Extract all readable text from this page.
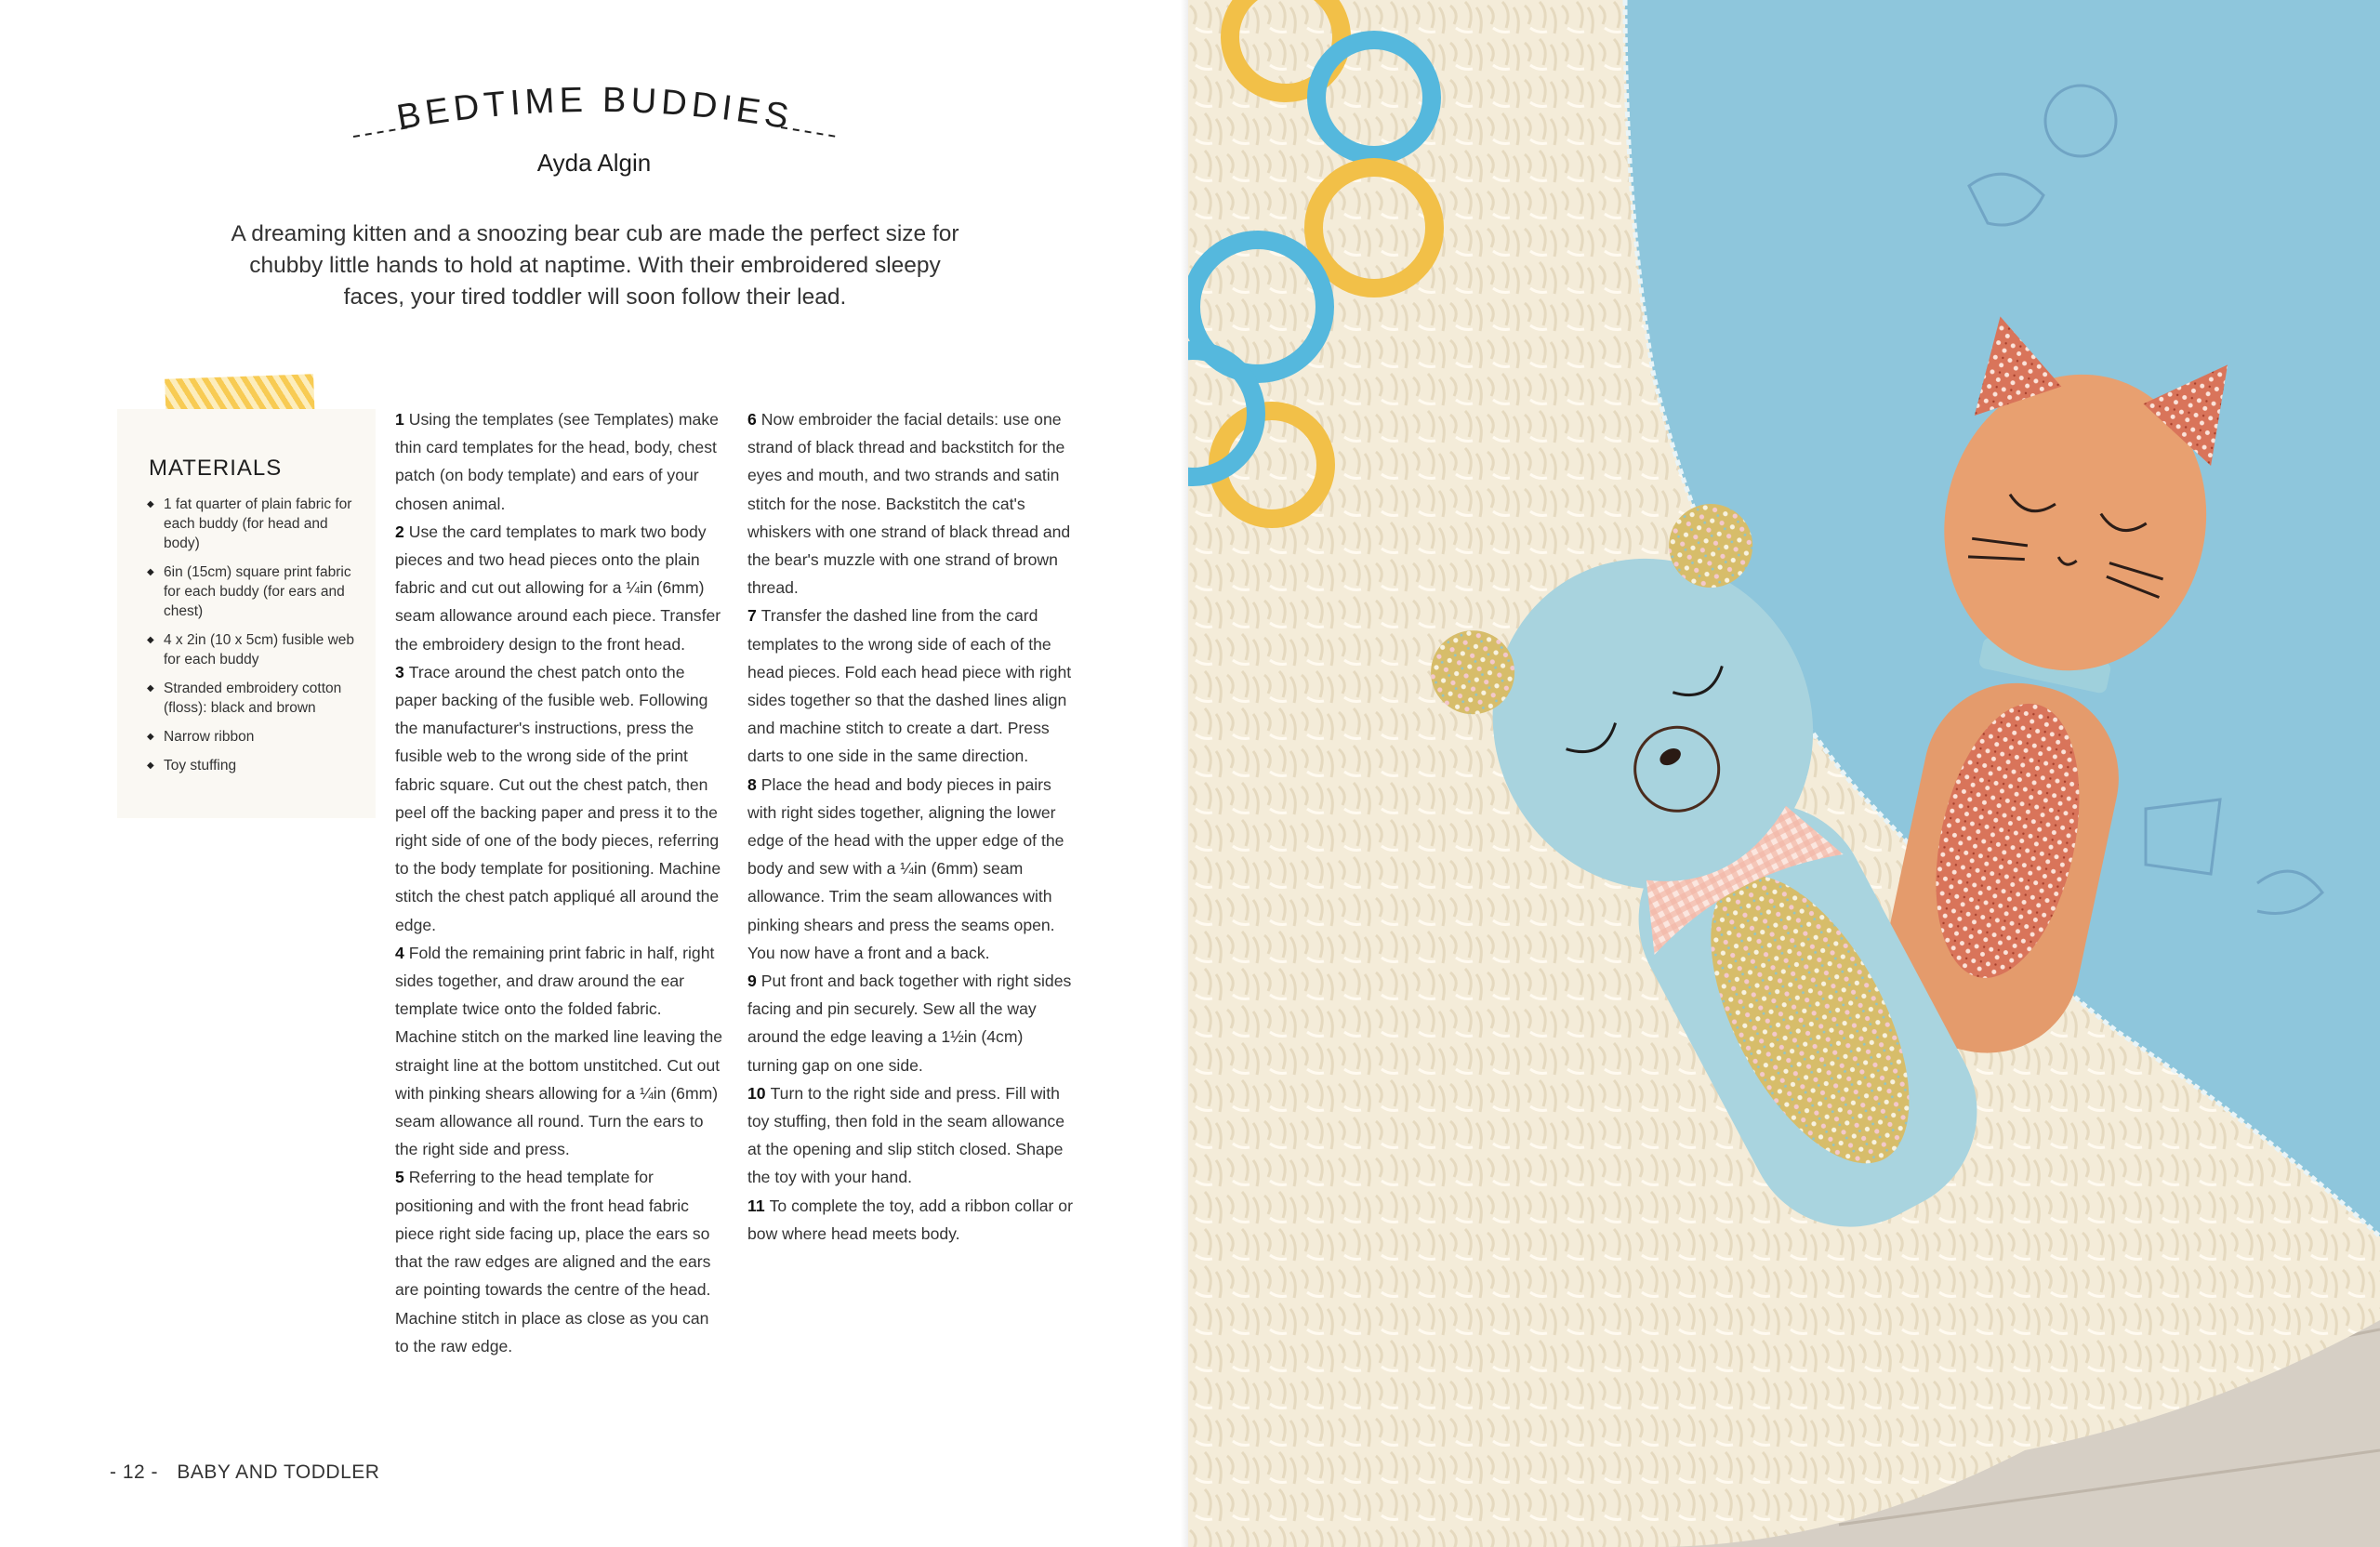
BEDTIME BUDDIES
Ayda Algin
A dreaming kitten and a snoozing bear cub are made the perfect size for chubby little hands to hold at naptime. With their embroidered sleepy faces, your tired toddler will soon follow their lead.
MATERIALS
◆ 1 fat quarter of plain fabric for each buddy (for head and body)
◆ 6in (15cm) square print fabric for each buddy (for ears and chest)
◆ 4 x 2in (10 x 5cm) fusible web for each buddy
◆ Stranded embroidery cotton (floss): black and brown
◆ Narrow ribbon
◆ Toy stuffing

1 Using the templates (see Templates) make thin card templates for the head, body, chest patch (on body template) and ears of your chosen animal.

2 Use the card templates to mark two body pieces and two head pieces onto the plain fabric and cut out allowing for a ¼in (6mm) seam allowance around each piece. Transfer the embroidery design to the front head.

3 Trace around the chest patch onto the paper backing of the fusible web. Following the manufacturer's instructions, press the fusible web to the wrong side of the print fabric square. Cut out the chest patch, then peel off the backing paper and press it to the right side of one of the body pieces, referring to the body template for positioning. Machine stitch the chest patch appliqué all around the edge.

4 Fold the remaining print fabric in half, right sides together, and draw around the ear template twice onto the folded fabric. Machine stitch on the marked line leaving the straight line at the bottom unstitched. Cut out with pinking shears allowing for a ¼in (6mm) seam allowance all round. Turn the ears to the right side and press.

5 Referring to the head template for positioning and with the front head fabric piece right side facing up, place the ears so that the raw edges are aligned and the ears are pointing towards the centre of the head. Machine stitch in place as close as you can to the raw edge.

6 Now embroider the facial details: use one strand of black thread and backstitch for the eyes and mouth, and two strands and satin stitch for the nose. Backstitch the cat's whiskers with one strand of black thread and the bear's muzzle with one strand of brown thread.

7 Transfer the dashed line from the card templates to the wrong side of each of the head pieces. Fold each head piece with right sides together so that the dashed lines align and machine stitch to create a dart. Press darts to one side in the same direction.

8 Place the head and body pieces in pairs with right sides together, aligning the lower edge of the head with the upper edge of the body and sew with a ¼in (6mm) seam allowance. Trim the seam allowances with pinking shears and press the seams open. You now have a front and a back.

9 Put front and back together with right sides facing and pin securely. Sew all the way around the edge leaving a 1½in (4cm) turning gap on one side.

10 Turn to the right side and press. Fill with toy stuffing, then fold in the seam allowance at the opening and slip stitch closed. Shape the toy with your hand.

11 To complete the toy, add a ribbon collar or bow where head meets body.

- 12 - BABY AND TODDLER
